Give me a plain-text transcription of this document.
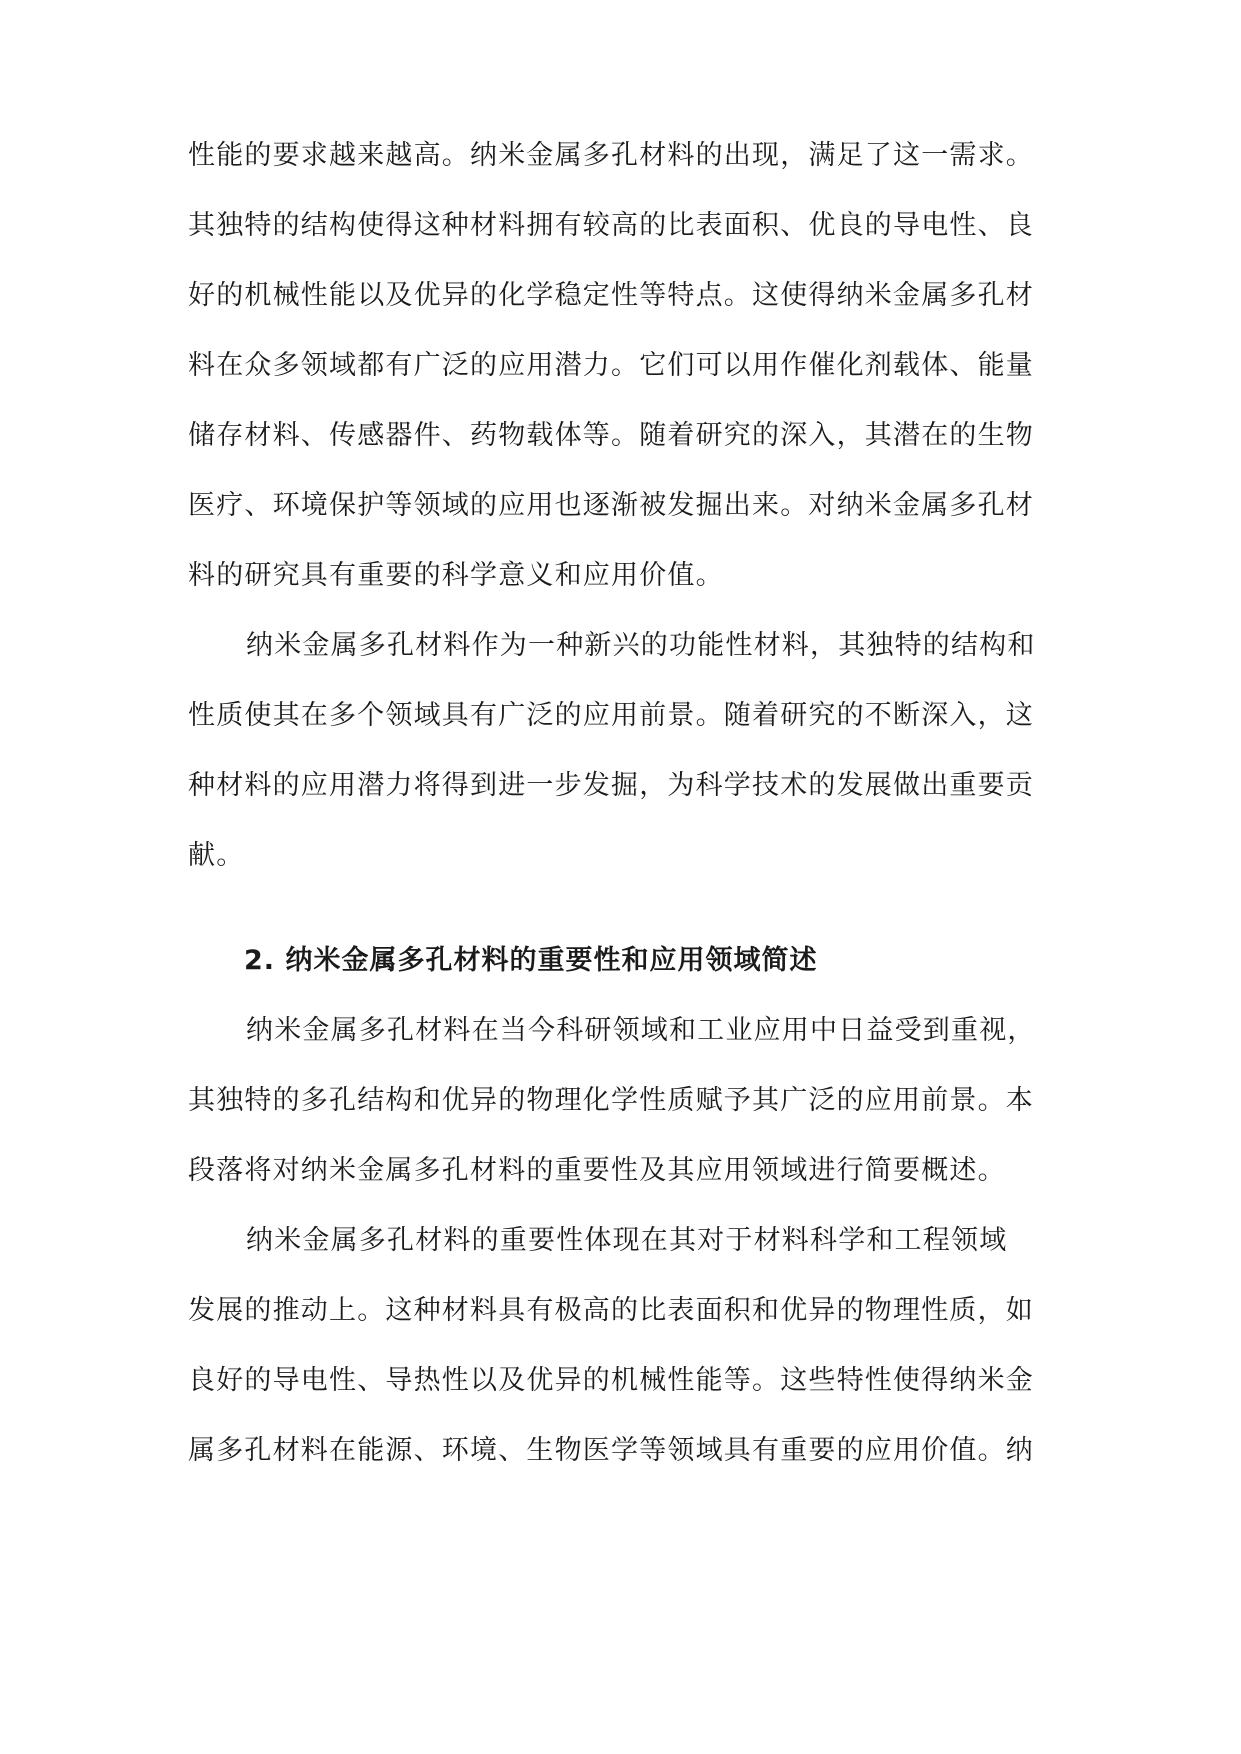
性能的要求越来越高。纳米金属多孔材料的出现，满足了这一需求。
其独特的结构使得这种材料拥有较高的比表面积、优良的导电性、良
好的机械性能以及优异的化学稳定性等特点。这使得纳米金属多孔材
料在众多领域都有广泛的应用潜力。它们可以用作催化剂载体、能量
储存材料、传感器件、药物载体等。随着研究的深入，其潜在的生物
医疗、环境保护等领域的应用也逐渐被发掘出来。对纳米金属多孔材
料的研究具有重要的科学意义和应用价值。
纳米金属多孔材料作为一种新兴的功能性材料，其独特的结构和
性质使其在多个领域具有广泛的应用前景。随着研究的不断深入，这
种材料的应用潜力将得到进一步发掘，为科学技术的发展做出重要贡
献。
2. 纳米金属多孔材料的重要性和应用领域简述
纳米金属多孔材料在当今科研领域和工业应用中日益受到重视，
其独特的多孔结构和优异的物理化学性质赋予其广泛的应用前景。本
段落将对纳米金属多孔材料的重要性及其应用领域进行简要概述。
纳米金属多孔材料的重要性体现在其对于材料科学和工程领域
发展的推动上。这种材料具有极高的比表面积和优异的物理性质，如
良好的导电性、导热性以及优异的机械性能等。这些特性使得纳米金
属多孔材料在能源、环境、生物医学等领域具有重要的应用价值。纳
